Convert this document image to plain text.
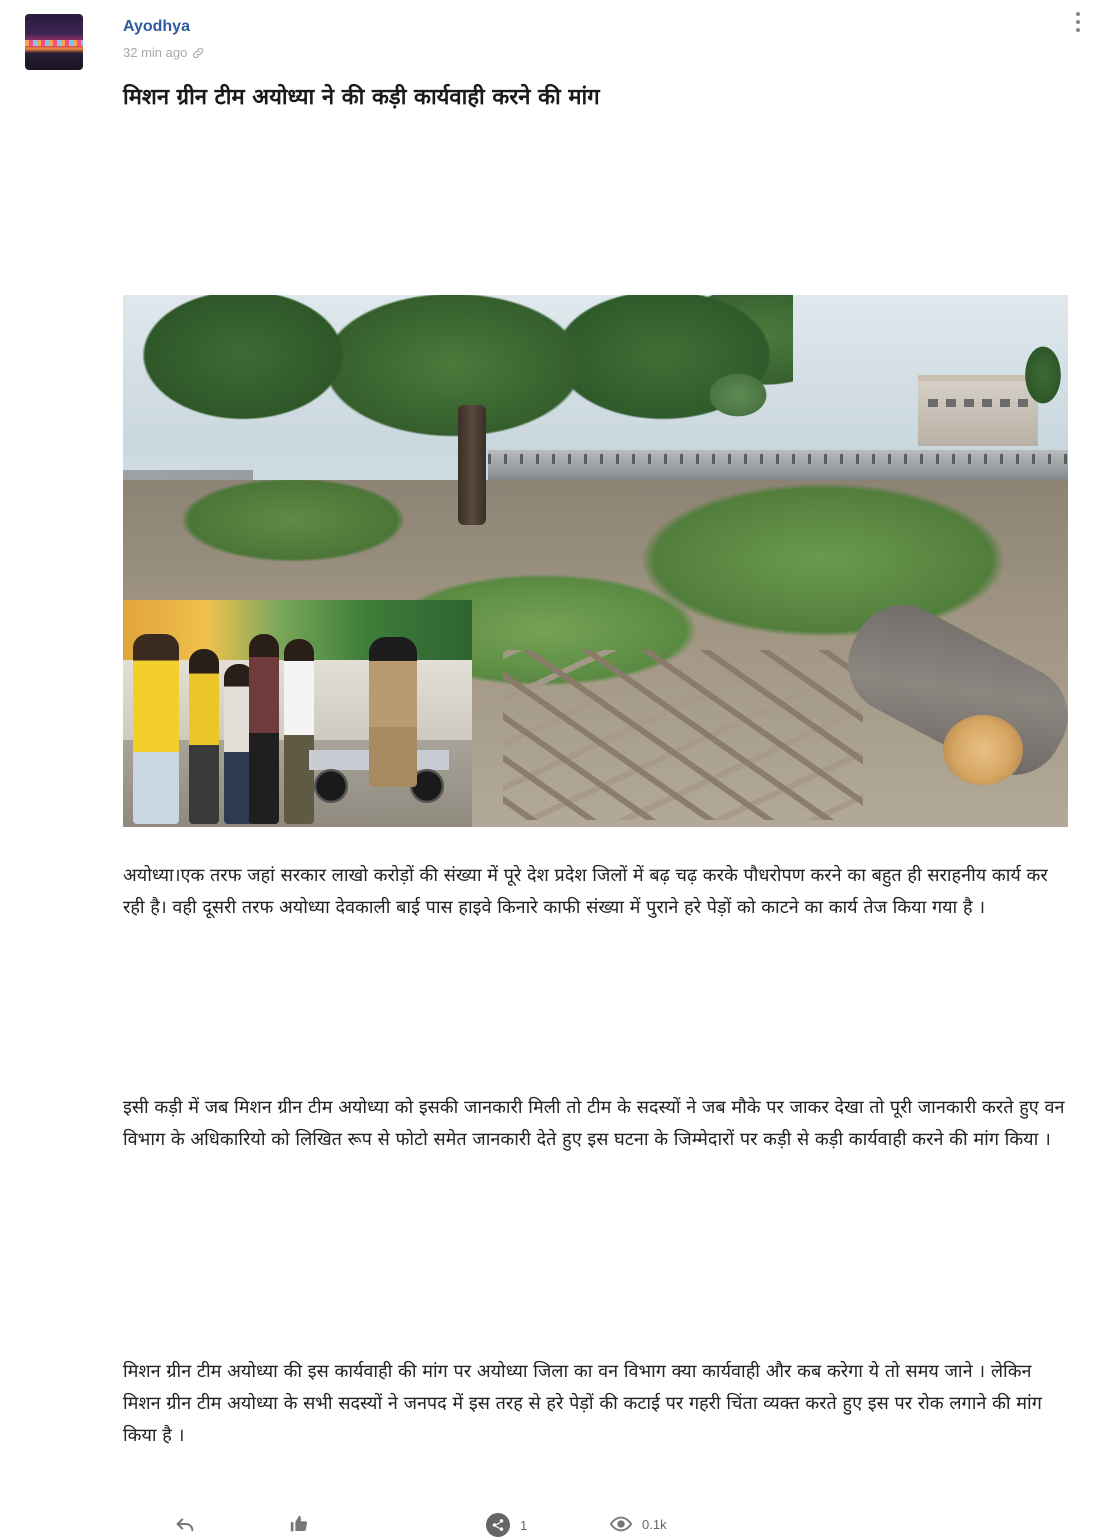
Ayodhya
32 min ago
मिशन ग्रीन टीम अयोध्या ने की कड़ी कार्यवाही करने की मांग

अयोध्या।एक तरफ जहां सरकार लाखो करोड़ों की संख्या में पूरे देश प्रदेश जिलों में बढ़ चढ़ करके पौधरोपण करने का बहुत ही सराहनीय कार्य कर रही है। वही दूसरी तरफ अयोध्या देवकाली बाई पास हाइवे किनारे काफी संख्या में पुराने हरे पेड़ों को काटने का कार्य तेज किया गया है ।

इसी कड़ी में जब मिशन ग्रीन टीम अयोध्या को इसकी जानकारी मिली तो टीम के सदस्यों ने जब मौके पर जाकर देखा तो पूरी जानकारी करते हुए वन विभाग के अधिकारियो को लिखित रूप से फोटो समेत जानकारी देते हुए इस घटना के जिम्मेदारों पर कड़ी से कड़ी कार्यवाही करने की मांग किया ।

मिशन ग्रीन टीम अयोध्या की इस कार्यवाही की मांग पर अयोध्या जिला का वन विभाग क्या कार्यवाही और कब करेगा ये तो समय जाने । लेकिन मिशन ग्रीन टीम अयोध्या के सभी सदस्यों ने जनपद में इस तरह से हरे पेड़ों की कटाई पर गहरी चिंता व्यक्त करते हुए इस पर रोक लगाने की मांग किया है ।

1	0.1k
